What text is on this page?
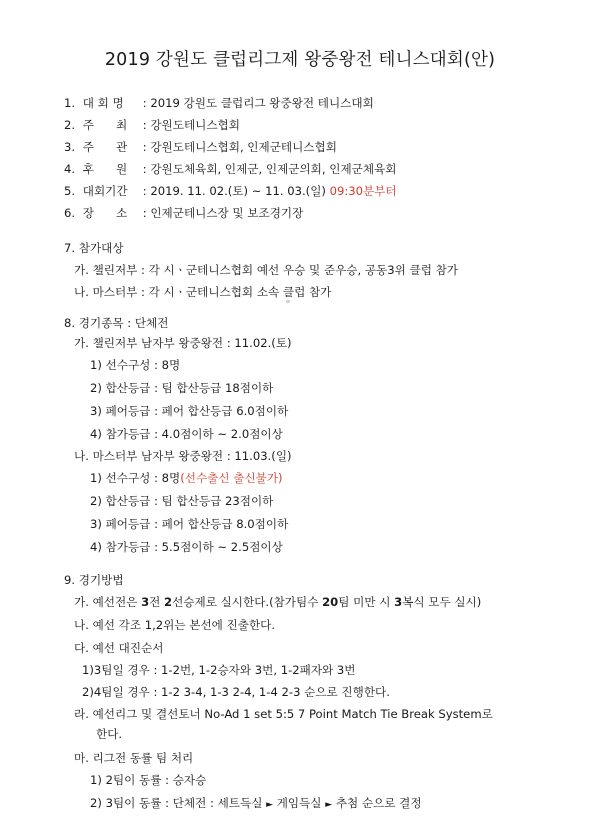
2019 강원도 클럽리그제 왕중왕전 테니스대회(안)
1. 대 회 명 : 2019 강원도 클럽리그 왕중왕전 테니스대회
2. 주      최 : 강원도테니스협회
3. 주      관 : 강원도테니스협회, 인제군테니스협회
4. 후      원 : 강원도체육회, 인제군, 인제군의회, 인제군체육회
5. 대회기간 : 2019. 11. 02.(토) ~ 11. 03.(일) 09:30분부터
6. 장      소 : 인제군테니스장 및 보조경기장
7. 참가대상
가. 챌린저부 : 각 시ㆍ군테니스협회 예선 우승 및 준우승, 공동3위 클럽 참가
나. 마스터부 : 각 시ㆍ군테니스협회 소속 클럽 참가
8. 경기종목 : 단체전
가. 챌린저부 남자부 왕중왕전 : 11.02.(토)
1) 선수구성 : 8명
2) 합산등급 : 팀 합산등급 18점이하
3) 페어등급 : 페어 합산등급 6.0점이하
4) 참가등급 : 4.0점이하 ~ 2.0점이상
나. 마스터부 남자부 왕중왕전 : 11.03.(일)
1) 선수구성 : 8명(선수출신 출신불가)
2) 합산등급 : 팀 합산등급 23점이하
3) 페어등급 : 페어 합산등급 8.0점이하
4) 참가등급 : 5.5점이하 ~ 2.5점이상
9. 경기방법
가. 예선전은 3전 2선승제로 실시한다.(참가팀수 20팀 미만 시 3복식 모두 실시)
나. 예선 각조 1,2위는 본선에 진출한다.
다. 예선 대진순서
1)3팀일 경우 : 1-2번, 1-2승자와 3번, 1-2패자와 3번
2)4팀일 경우 : 1-2 3-4, 1-3 2-4, 1-4 2-3 순으로 진행한다.
라. 예선리그 및 결선토너 No-Ad 1 set 5:5 7 Point Match Tie Break System로
한다.
마. 리그전 동률 팀 처리
1) 2팀이 동률 : 승자승
2) 3팀이 동률 : 단체전 : 세트득실 ► 게임득실 ► 추첨 순으로 결정
